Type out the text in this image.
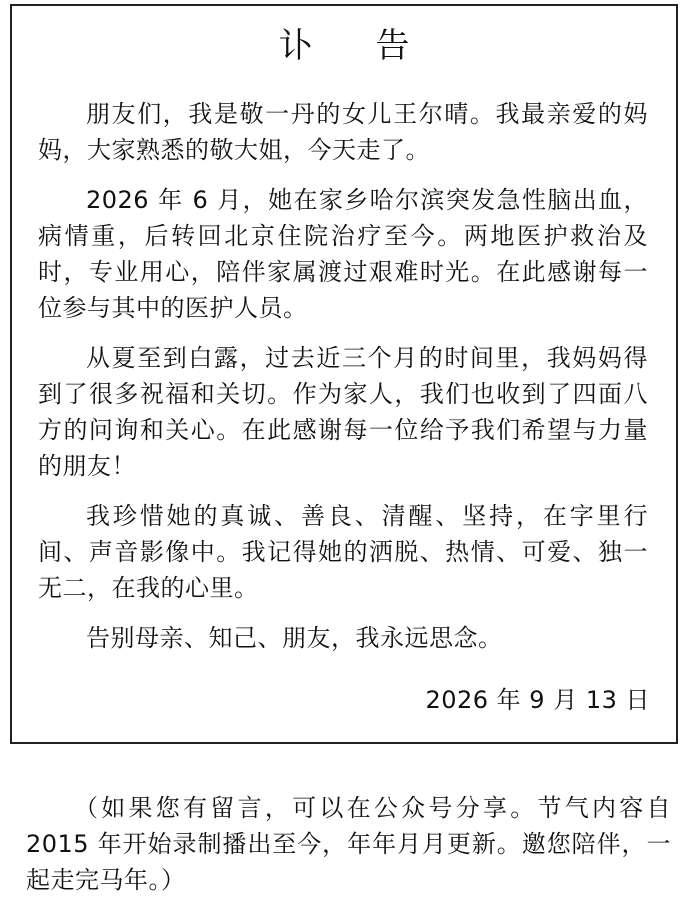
讣 告

朋友们，我是敬一丹的女儿王尔晴。我最亲爱的妈妈，大家熟悉的敬大姐，今天走了。

2026 年 6 月，她在家乡哈尔滨突发急性脑出血，病情重，后转回北京住院治疗至今。两地医护救治及时，专业用心，陪伴家属渡过艰难时光。在此感谢每一位参与其中的医护人员。

从夏至到白露，过去近三个月的时间里，我妈妈得到了很多祝福和关切。作为家人，我们也收到了四面八方的问询和关心。在此感谢每一位给予我们希望与力量的朋友！

我珍惜她的真诚、善良、清醒、坚持，在字里行间、声音影像中。我记得她的洒脱、热情、可爱、独一无二，在我的心里。

告别母亲、知己、朋友，我永远思念。

2026 年 9 月 13 日
（如果您有留言，可以在公众号分享。节气内容自 2015 年开始录制播出至今，年年月月更新。邀您陪伴，一起走完马年。）
